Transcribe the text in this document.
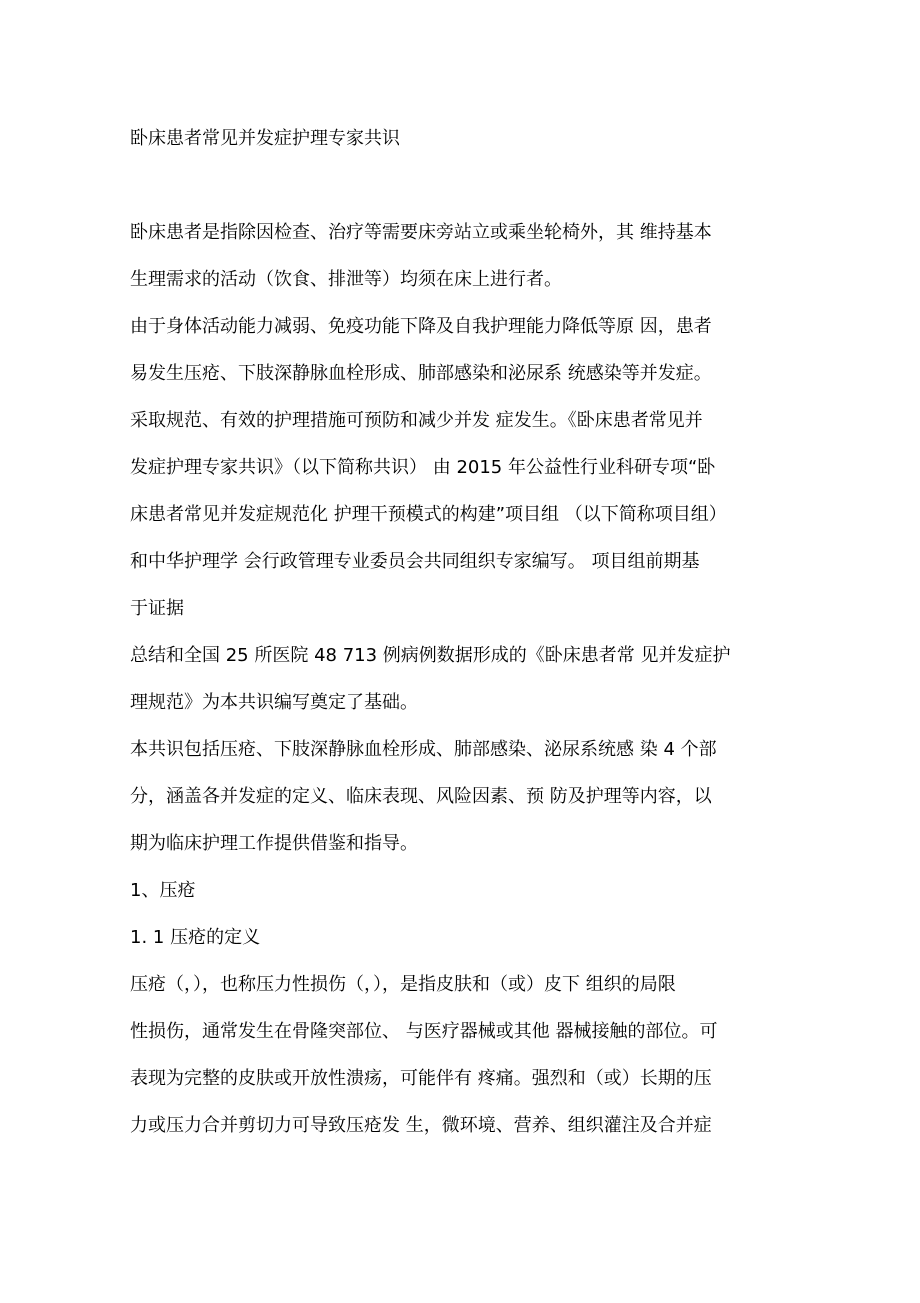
卧床患者常见并发症护理专家共识
卧床患者是指除因检查、治疗等需要床旁站立或乘坐轮椅外，其 维持基本
生理需求的活动（饮食、排泄等）均须在床上进行者。
由于身体活动能力减弱、免疫功能下降及自我护理能力降低等原 因，患者
易发生压疮、下肢深静脉血栓形成、肺部感染和泌尿系 统感染等并发症。
采取规范、有效的护理措施可预防和减少并发 症发生。《卧床患者常见并
发症护理专家共识》（以下简称共识） 由 2015 年公益性行业科研专项“卧
床患者常见并发症规范化 护理干预模式的构建”项目组 （以下简称项目组）
和中华护理学 会行政管理专业委员会共同组织专家编写。 项目组前期基
于证据
总结和全国 25 所医院 48 713 例病例数据形成的《卧床患者常 见并发症护
理规范》为本共识编写奠定了基础。
本共识包括压疮、下肢深静脉血栓形成、肺部感染、泌尿系统感 染 4 个部
分，涵盖各并发症的定义、临床表现、风险因素、预 防及护理等内容，以
期为临床护理工作提供借鉴和指导。
1、压疮
1. 1 压疮的定义
压疮（，），也称压力性损伤（，），是指皮肤和（或）皮下 组织的局限
性损伤，通常发生在骨隆突部位、 与医疗器械或其他 器械接触的部位。可
表现为完整的皮肤或开放性溃疡，可能伴有 疼痛。强烈和（或）长期的压
力或压力合并剪切力可导致压疮发 生，微环境、营养、组织灌注及合并症
